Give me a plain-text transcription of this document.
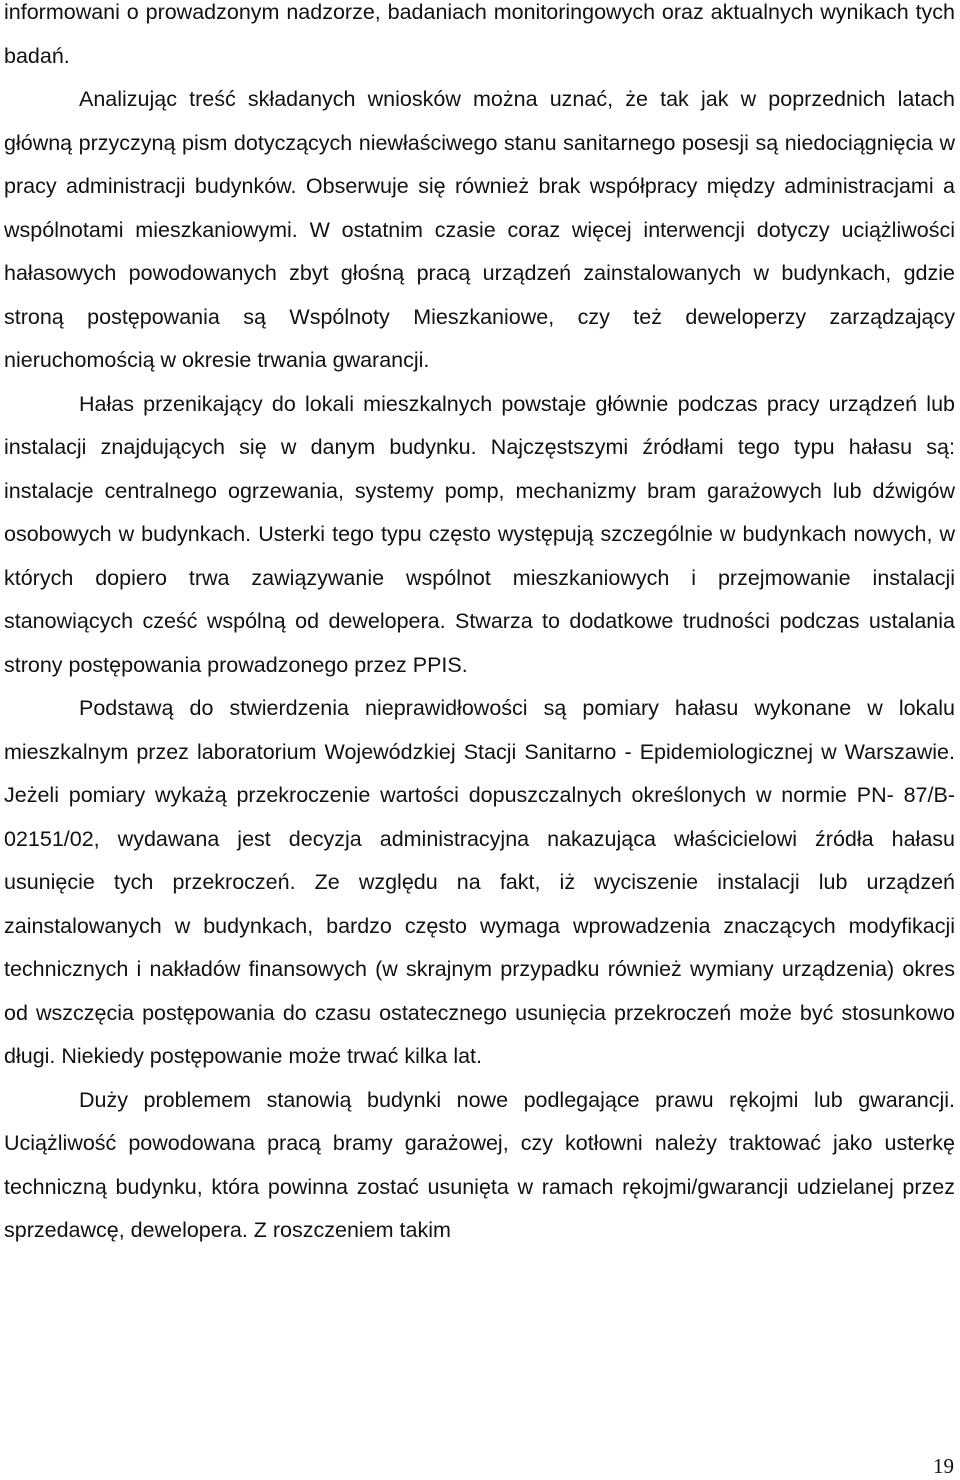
informowani o prowadzonym nadzorze, badaniach monitoringowych oraz aktualnych wynikach tych badań.

Analizując treść składanych wniosków można uznać, że tak jak w poprzednich latach główną przyczyną pism dotyczących niewłaściwego stanu sanitarnego posesji są niedociągnięcia w pracy administracji budynków. Obserwuje się również brak współpracy między administracjami a wspólnotami mieszkaniowymi. W ostatnim czasie coraz więcej interwencji dotyczy uciążliwości hałasowych powodowanych zbyt głośną pracą urządzeń zainstalowanych w budynkach, gdzie stroną postępowania są Wspólnoty Mieszkaniowe, czy też deweloperzy zarządzający nieruchomością w okresie trwania gwarancji.

Hałas przenikający do lokali mieszkalnych powstaje głównie podczas pracy urządzeń lub instalacji znajdujących się w danym budynku. Najczęstszymi źródłami tego typu hałasu są: instalacje centralnego ogrzewania, systemy pomp, mechanizmy bram garażowych lub dźwigów osobowych w budynkach. Usterki tego typu często występują szczególnie w budynkach nowych, w których dopiero trwa zawiązywanie wspólnot mieszkaniowych i przejmowanie instalacji stanowiących cześć wspólną od dewelopera. Stwarza to dodatkowe trudności podczas ustalania strony postępowania prowadzonego przez PPIS.

Podstawą do stwierdzenia nieprawidłowości są pomiary hałasu wykonane w lokalu mieszkalnym przez laboratorium Wojewódzkiej Stacji Sanitarno - Epidemiologicznej w Warszawie. Jeżeli pomiary wykażą przekroczenie wartości dopuszczalnych określonych w normie PN- 87/B-02151/02, wydawana jest decyzja administracyjna nakazująca właścicielowi źródła hałasu usunięcie tych przekroczeń. Ze względu na fakt, iż wyciszenie instalacji lub urządzeń zainstalowanych w budynkach, bardzo często wymaga wprowadzenia znaczących modyfikacji technicznych i nakładów finansowych (w skrajnym przypadku również wymiany urządzenia) okres od wszczęcia postępowania do czasu ostatecznego usunięcia przekroczeń może być stosunkowo długi. Niekiedy postępowanie może trwać kilka lat.

Duży problemem stanowią budynki nowe podlegające prawu rękojmi lub gwarancji. Uciążliwość powodowana pracą bramy garażowej, czy kotłowni należy traktować jako usterkę techniczną budynku, która powinna zostać usunięta w ramach rękojmi/gwarancji udzielanej przez sprzedawcę, dewelopera. Z roszczeniem takim

19
